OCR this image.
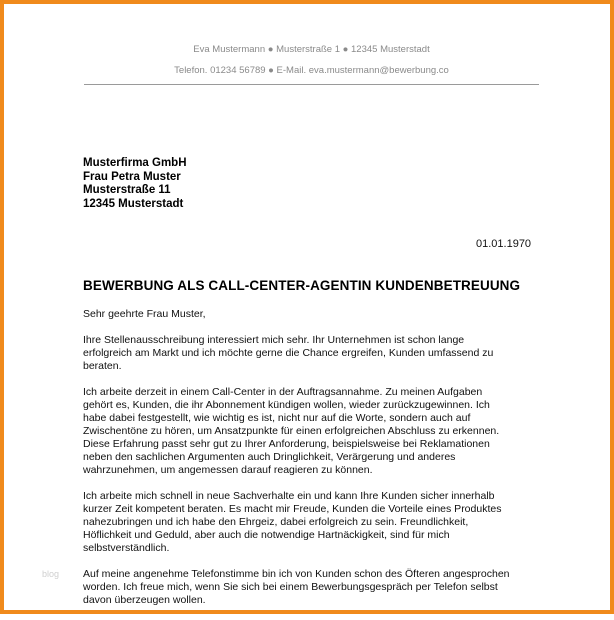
Eva Mustermann ● Musterstraße 1 ● 12345 Musterstadt
Telefon. 01234 56789 ● E-Mail. eva.mustermann@bewerbung.co
Musterfirma GmbH
Frau Petra Muster
Musterstraße 11
12345 Musterstadt
01.01.1970
BEWERBUNG ALS CALL-CENTER-AGENTIN KUNDENBETREUUNG

Sehr geehrte Frau Muster,

Ihre Stellenausschreibung interessiert mich sehr. Ihr Unternehmen ist schon lange
erfolgreich am Markt und ich möchte gerne die Chance ergreifen, Kunden umfassend zu
beraten.

Ich arbeite derzeit in einem Call-Center in der Auftragsannahme. Zu meinen Aufgaben
gehört es, Kunden, die ihr Abonnement kündigen wollen, wieder zurückzugewinnen. Ich
habe dabei festgestellt, wie wichtig es ist, nicht nur auf die Worte, sondern auch auf
Zwischentöne zu hören, um Ansatzpunkte für einen erfolgreichen Abschluss zu erkennen.
Diese Erfahrung passt sehr gut zu Ihrer Anforderung, beispielsweise bei Reklamationen
neben den sachlichen Argumenten auch Dringlichkeit, Verärgerung und anderes
wahrzunehmen, um angemessen darauf reagieren zu können.

Ich arbeite mich schnell in neue Sachverhalte ein und kann Ihre Kunden sicher innerhalb
kurzer Zeit kompetent beraten. Es macht mir Freude, Kunden die Vorteile eines Produktes
nahezubringen und ich habe den Ehrgeiz, dabei erfolgreich zu sein. Freundlichkeit,
Höflichkeit und Geduld, aber auch die notwendige Hartnäckigkeit, sind für mich
selbstverständlich.

Auf meine angenehme Telefonstimme bin ich von Kunden schon des Öfteren angesprochen
worden. Ich freue mich, wenn Sie sich bei einem Bewerbungsgespräch per Telefon selbst
davon überzeugen wollen.

blog
